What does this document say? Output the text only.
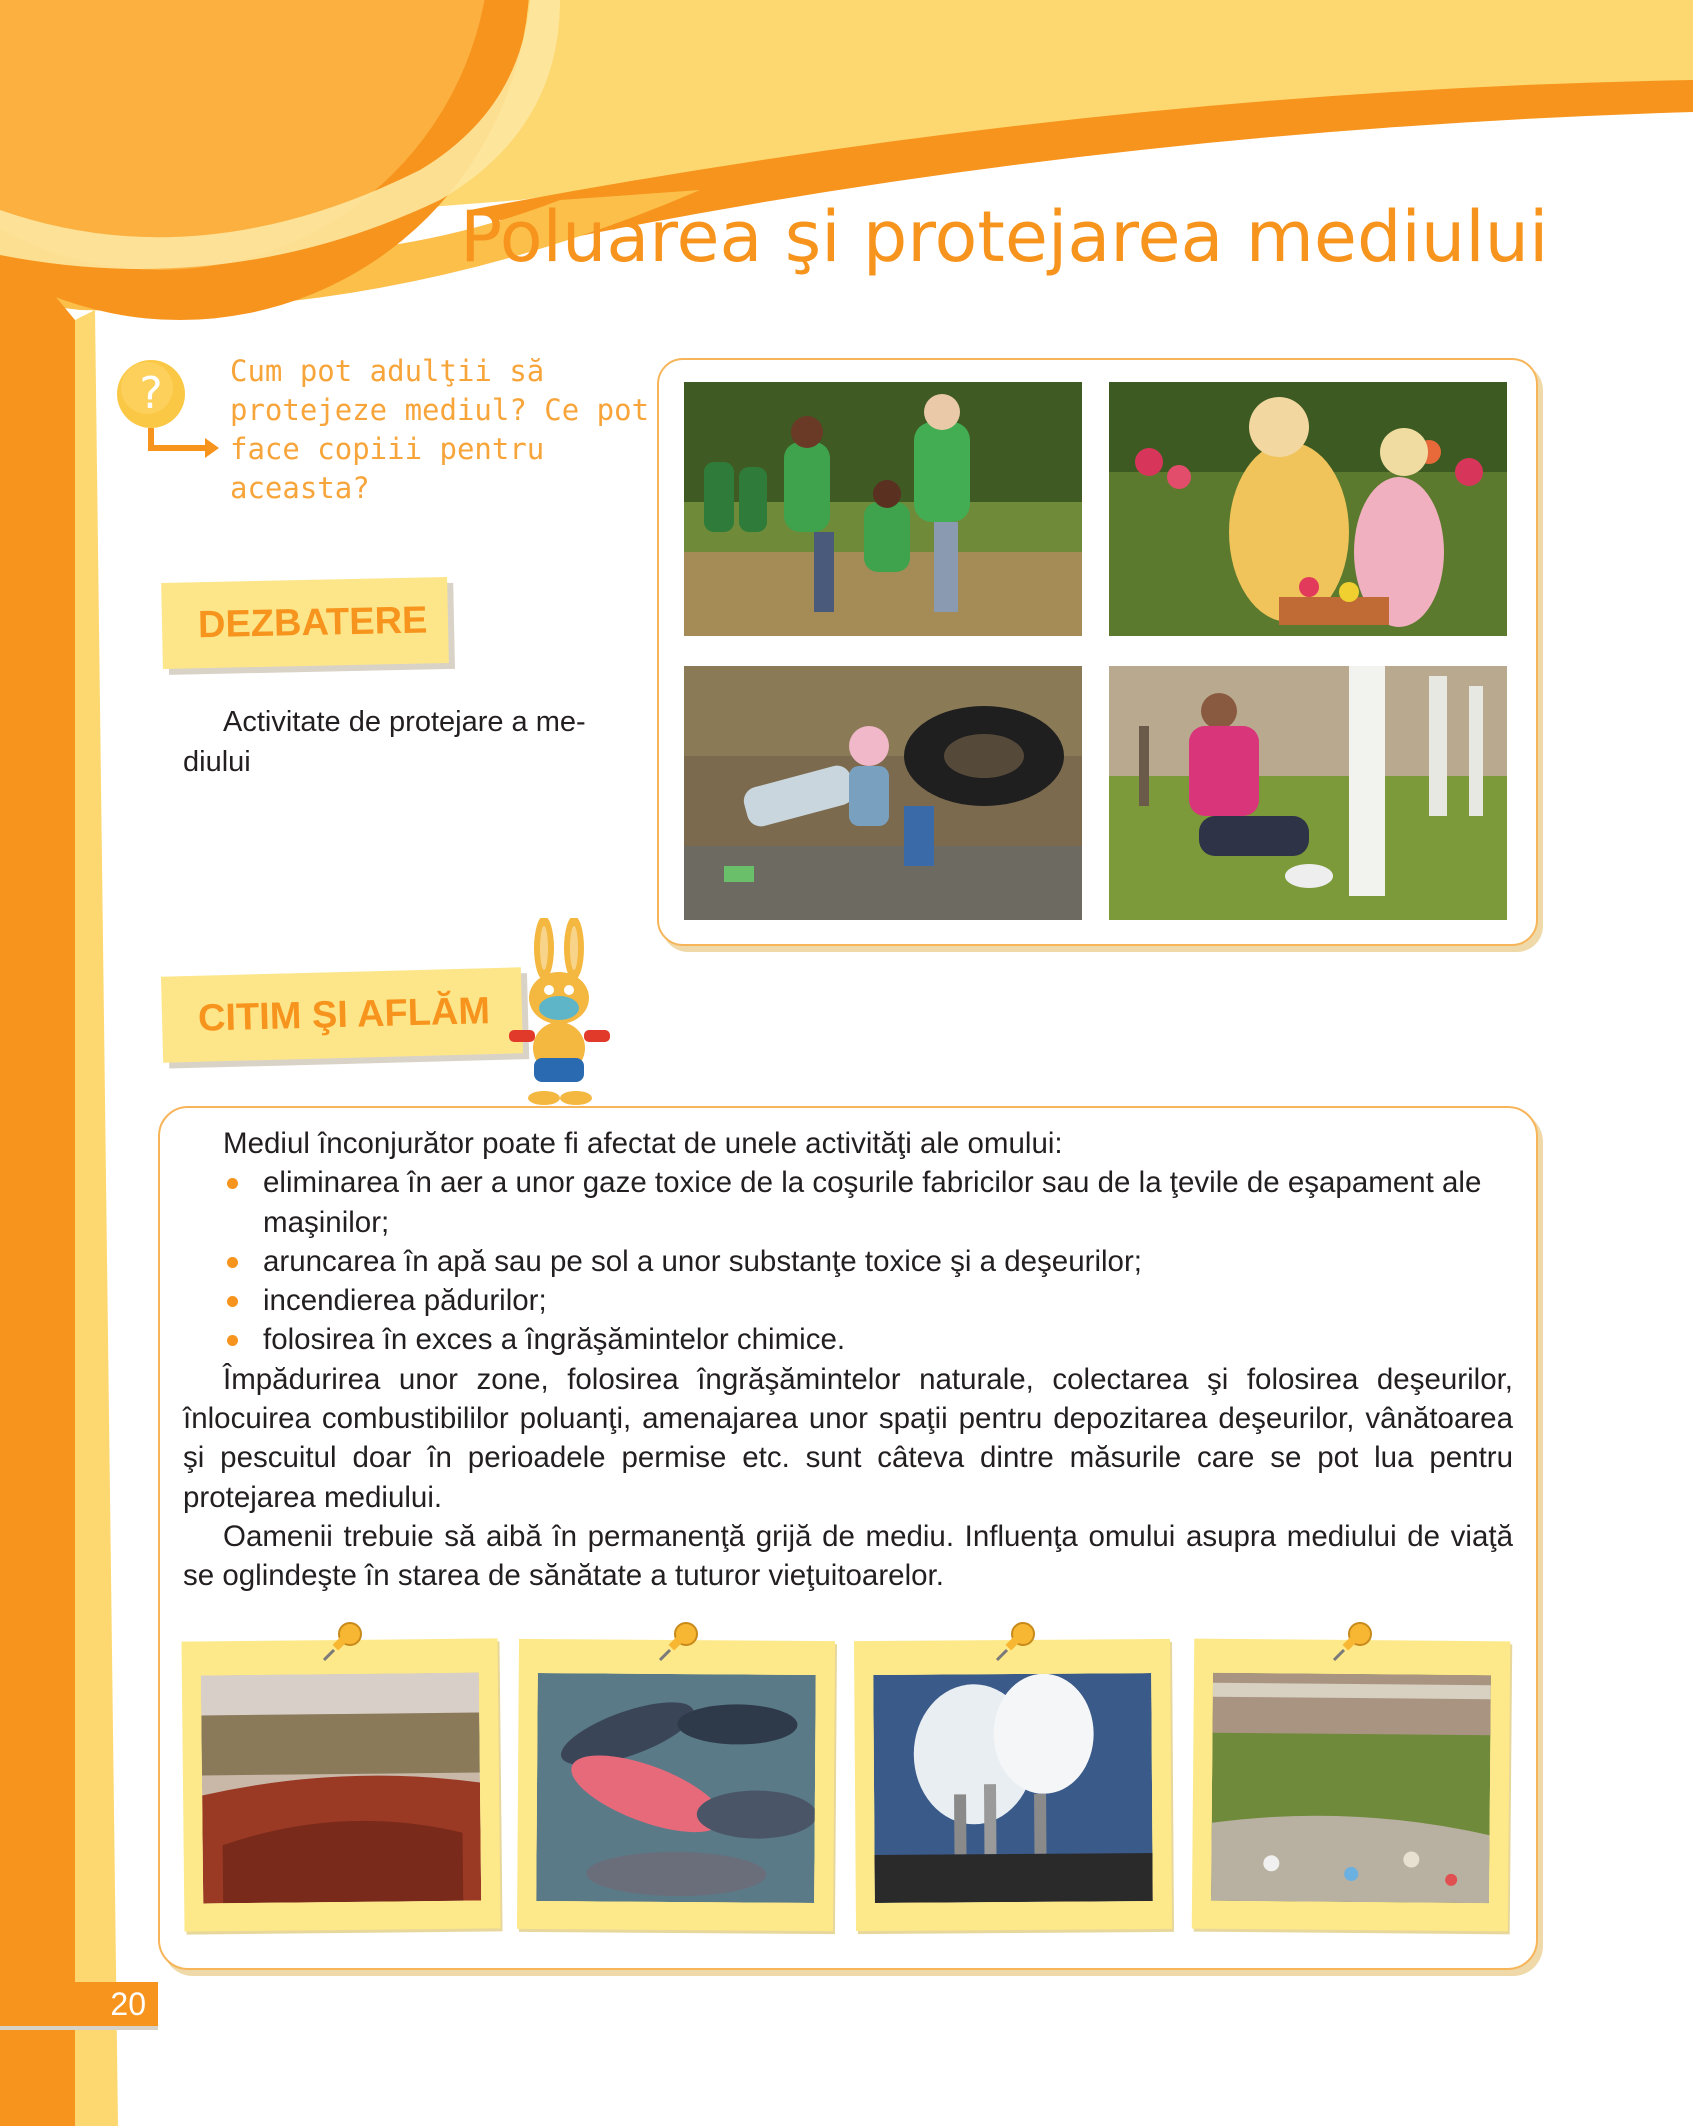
Poluarea şi protejarea mediului
? Cum pot adulţii să protejeze mediul? Ce pot face copiii pentru aceasta?
DEZBATERE
Activitate de protejare a me-diului
CITIM ŞI AFLĂM

Mediul înconjurător poate fi afectat de unele activităţi ale omului:

eliminarea în aer a unor gaze toxice de la coşurile fabricilor sau de la ţevile de eşapament ale maşinilor;
aruncarea în apă sau pe sol a unor substanţe toxice şi a deşeurilor;
incendierea pădurilor;
folosirea în exces a îngrăşămintelor chimice.

Împădurirea unor zone, folosirea îngrăşămintelor naturale, colectarea şi folosirea deşeurilor, înlocuirea combustibililor poluanţi, amenajarea unor spaţii pentru depozitarea deşeurilor, vânătoarea şi pescuitul doar în perioadele permise etc. sunt câteva dintre măsurile care se pot lua pentru protejarea mediului.

Oamenii trebuie să aibă în permanenţă grijă de mediu. Influenţa omului asupra mediului de viaţă se oglindeşte în starea de sănătate a tuturor vieţuitoarelor.

20
